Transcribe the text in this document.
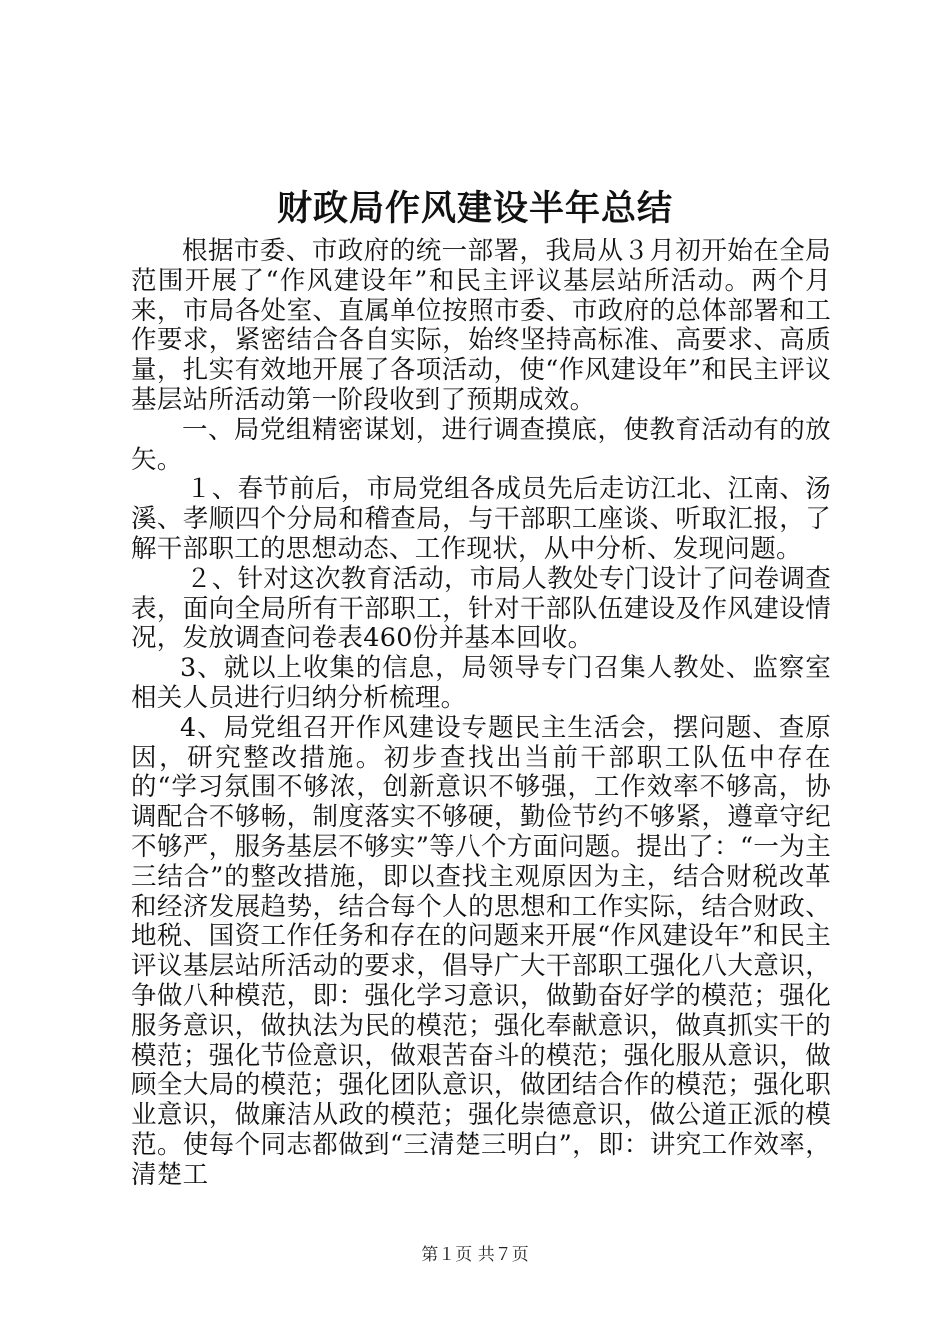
财政局作风建设半年总结

根据市委、市政府的统一部署，我局从３月初开始在全局范围开展了“作风建设年”和民主评议基层站所活动。两个月来，市局各处室、直属单位按照市委、市政府的总体部署和工作要求，紧密结合各自实际，始终坚持高标准、高要求、高质量，扎实有效地开展了各项活动，使“作风建设年”和民主评议基层站所活动第一阶段收到了预期成效。

一、局党组精密谋划，进行调查摸底，使教育活动有的放矢。

１、春节前后，市局党组各成员先后走访江北、江南、汤溪、孝顺四个分局和稽查局，与干部职工座谈、听取汇报，了解干部职工的思想动态、工作现状，从中分析、发现问题。

２、针对这次教育活动，市局人教处专门设计了问卷调查表，面向全局所有干部职工，针对干部队伍建设及作风建设情况，发放调查问卷表460份并基本回收。

3、就以上收集的信息，局领导专门召集人教处、监察室相关人员进行归纳分析梳理。

4、局党组召开作风建设专题民主生活会，摆问题、查原因，研究整改措施。初步查找出当前干部职工队伍中存在的“学习氛围不够浓，创新意识不够强，工作效率不够高，协调配合不够畅，制度落实不够硬，勤俭节约不够紧，遵章守纪不够严，服务基层不够实”等八个方面问题。提出了：“一为主三结合”的整改措施，即以查找主观原因为主，结合财税改革和经济发展趋势，结合每个人的思想和工作实际，结合财政、地税、国资工作任务和存在的问题来开展“作风建设年”和民主评议基层站所活动的要求，倡导广大干部职工强化八大意识，争做八种模范，即：强化学习意识，做勤奋好学的模范；强化服务意识，做执法为民的模范；强化奉献意识，做真抓实干的模范；强化节俭意识，做艰苦奋斗的模范；强化服从意识，做顾全大局的模范；强化团队意识，做团结合作的模范；强化职业意识，做廉洁从政的模范；强化崇德意识，做公道正派的模范。使每个同志都做到“三清楚三明白”，即：讲究工作效率，清楚工

第１页 共７页
